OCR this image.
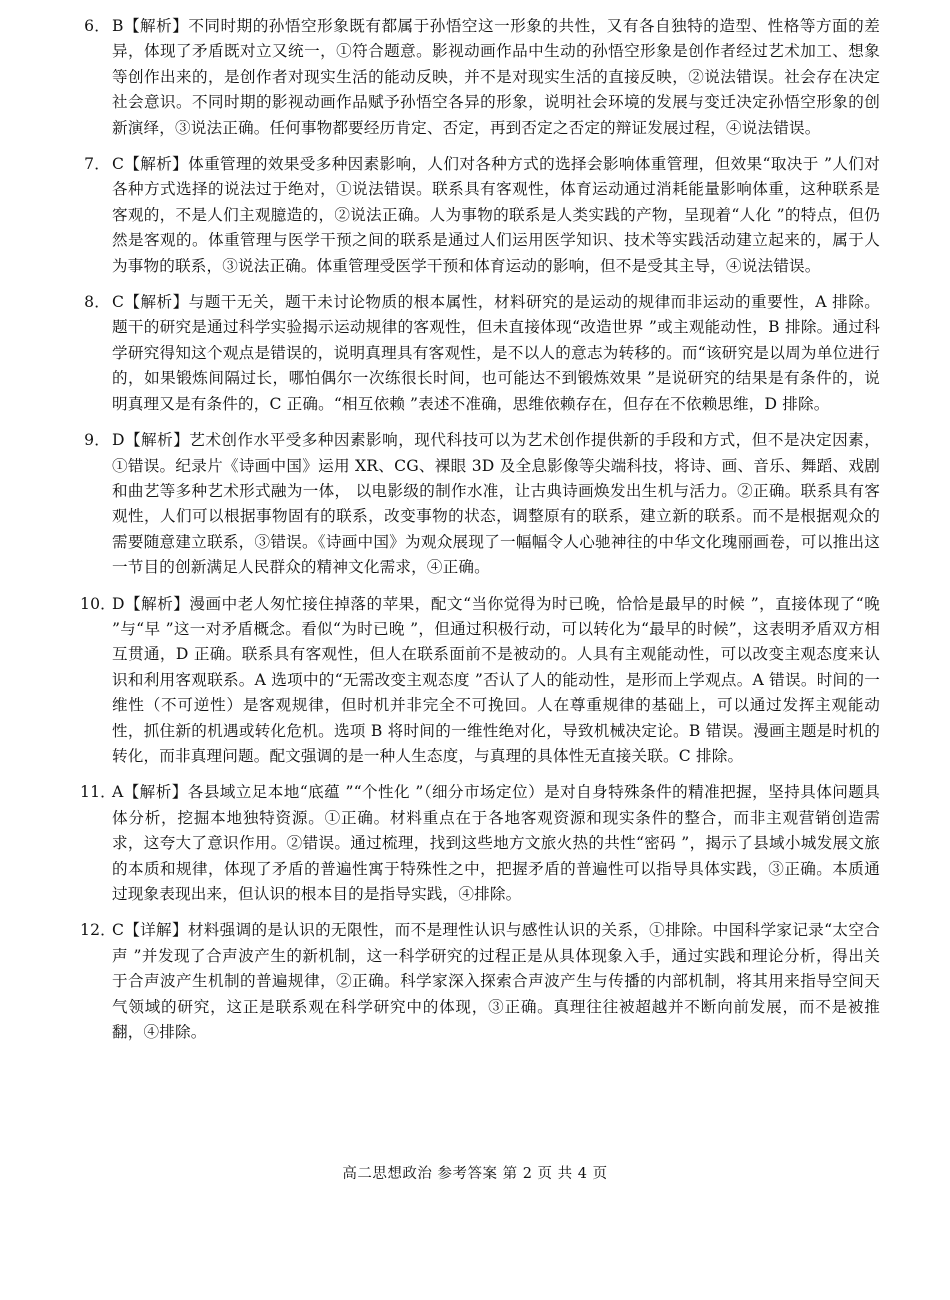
6． B【解析】不同时期的孙悟空形象既有都属于孙悟空这一形象的共性，又有各自独特的造型、性格等方面的差异，体现了矛盾既对立又统一，①符合题意。影视动画作品中生动的孙悟空形象是创作者经过艺术加工、想象等创作出来的，是创作者对现实生活的能动反映，并不是对现实生活的直接反映，②说法错误。社会存在决定社会意识。不同时期的影视动画作品赋予孙悟空各异的形象，说明社会环境的发展与变迁决定孙悟空形象的创新演绎，③说法正确。任何事物都要经历肯定、否定，再到否定之否定的辩证发展过程，④说法错误。
7． C【解析】体重管理的效果受多种因素影响，人们对各种方式的选择会影响体重管理，但效果“取决于 ”人们对各种方式选择的说法过于绝对，①说法错误。联系具有客观性，体育运动通过消耗能量影响体重，这种联系是客观的，不是人们主观臆造的，②说法正确。人为事物的联系是人类实践的产物，呈现着“人化 ”的特点，但仍然是客观的。体重管理与医学干预之间的联系是通过人们运用医学知识、技术等实践活动建立起来的，属于人为事物的联系，③说法正确。体重管理受医学干预和体育运动的影响，但不是受其主导，④说法错误。
8． C【解析】与题干无关，题干未讨论物质的根本属性，材料研究的是运动的规律而非运动的重要性，A 排除。题干的研究是通过科学实验揭示运动规律的客观性，但未直接体现“改造世界 ”或主观能动性，B 排除。通过科学研究得知这个观点是错误的，说明真理具有客观性，是不以人的意志为转移的。而“该研究是以周为单位进行的，如果锻炼间隔过长，哪怕偶尔一次练很长时间，也可能达不到锻炼效果 ”是说研究的结果是有条件的，说明真理又是有条件的，C 正确。“相互依赖 ”表述不准确，思维依赖存在，但存在不依赖思维，D 排除。
9． D【解析】艺术创作水平受多种因素影响，现代科技可以为艺术创作提供新的手段和方式，但不是决定因素，①错误。纪录片《诗画中国》运用 XR、CG、裸眼 3D 及全息影像等尖端科技，将诗、画、音乐、舞蹈、戏剧和曲艺等多种艺术形式融为一体， 以电影级的制作水准，让古典诗画焕发出生机与活力。②正确。联系具有客观性，人们可以根据事物固有的联系，改变事物的状态，调整原有的联系，建立新的联系。而不是根据观众的需要随意建立联系，③错误。《诗画中国》为观众展现了一幅幅令人心驰神往的中华文化瑰丽画卷，可以推出这一节目的创新满足人民群众的精神文化需求，④正确。
10．
D【解析】漫画中老人匆忙接住掉落的苹果，配文“当你觉得为时已晚，恰恰是最早的时候 ”，直接体现了“晚 ”与“早 ”这一对矛盾概念。看似“为时已晚 ”，但通过积极行动，可以转化为“最早的时候”，这表明矛盾双方相互贯通，D 正确。联系具有客观性，但人在联系面前不是被动的。人具有主观能动性，可以改变主观态度来认识和利用客观联系。A 选项中的“无需改变主观态度 ”否认了人的能动性，是形而上学观点。A 错误。时间的一维性（不可逆性）是客观规律，但时机并非完全不可挽回。人在尊重规律的基础上，可以通过发挥主观能动性，抓住新的机遇或转化危机。选项 B 将时间的一维性绝对化，导致机械决定论。B 错误。漫画主题是时机的转化，而非真理问题。配文强调的是一种人生态度，与真理的具体性无直接关联。C 排除。
11．
A【解析】各县域立足本地“底蕴 ”“个性化 ”（细分市场定位）是对自身特殊条件的精准把握，坚持具体问题具体分析，挖掘本地独特资源。①正确。材料重点在于各地客观资源和现实条件的整合，而非主观营销创造需求，这夸大了意识作用。②错误。通过梳理，找到这些地方文旅火热的共性“密码 ”，揭示了县域小城发展文旅的本质和规律，体现了矛盾的普遍性寓于特殊性之中，把握矛盾的普遍性可以指导具体实践，③正确。本质通过现象表现出来，但认识的根本目的是指导实践，④排除。
12．
C【详解】材料强调的是认识的无限性，而不是理性认识与感性认识的关系，①排除。中国科学家记录“太空合声 ”并发现了合声波产生的新机制，这一科学研究的过程正是从具体现象入手，通过实践和理论分析，得出关于合声波产生机制的普遍规律，②正确。科学家深入探索合声波产生与传播的内部机制，将其用来指导空间天气领域的研究，这正是联系观在科学研究中的体现，③正确。真理往往被超越并不断向前发展，而不是被推翻，④排除。
高二思想政治 参考答案 第 2 页 共 4 页
